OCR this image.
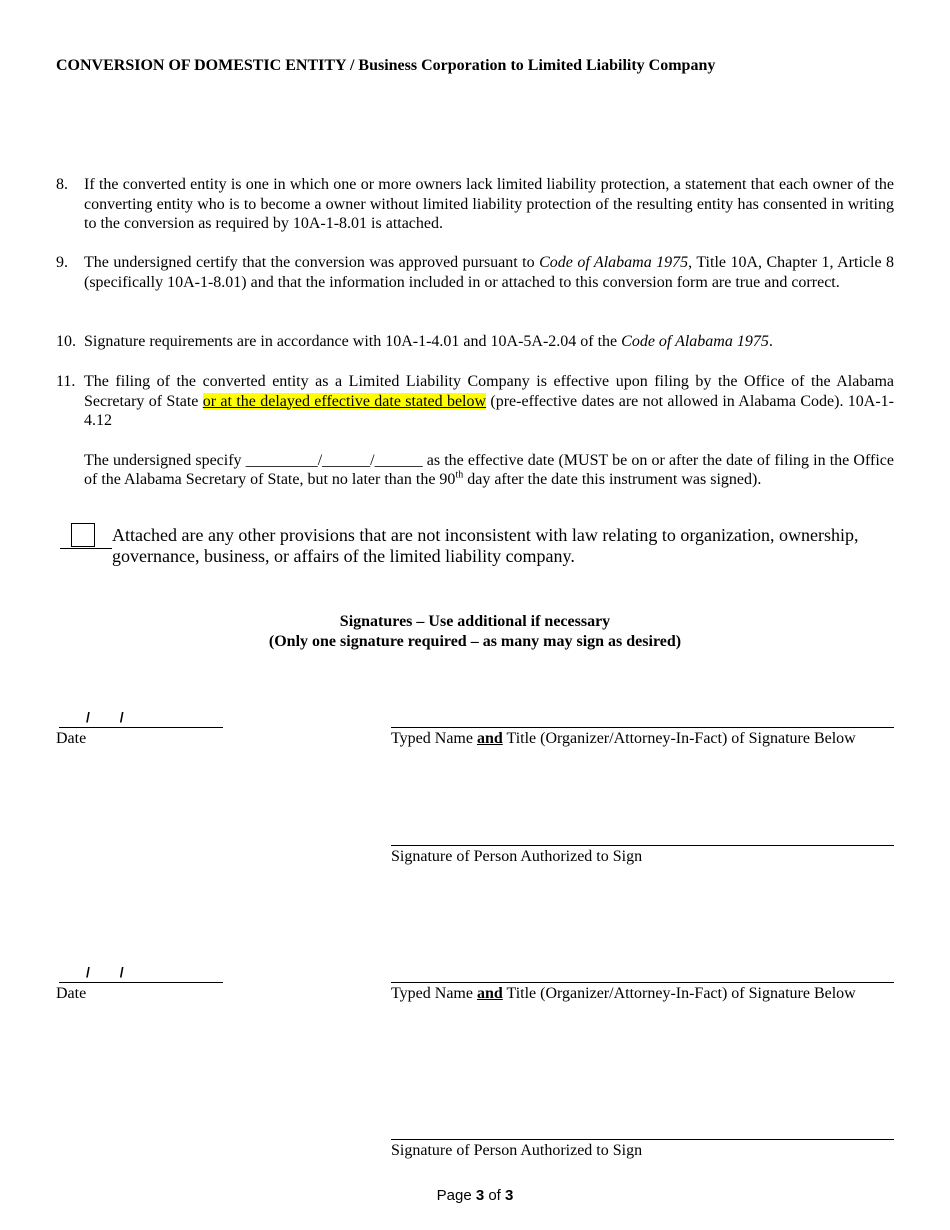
CONVERSION OF DOMESTIC ENTITY / Business Corporation to Limited Liability Company
8. If the converted entity is one in which one or more owners lack limited liability protection, a statement that each owner of the converting entity who is to become a owner without limited liability protection of the resulting entity has consented in writing to the conversion as required by 10A-1-8.01 is attached.
9. The undersigned certify that the conversion was approved pursuant to Code of Alabama 1975, Title 10A, Chapter 1, Article 8 (specifically 10A-1-8.01) and that the information included in or attached to this conversion form are true and correct.
10. Signature requirements are in accordance with 10A-1-4.01 and 10A-5A-2.04 of the Code of Alabama 1975.
11. The filing of the converted entity as a Limited Liability Company is effective upon filing by the Office of the Alabama Secretary of State or at the delayed effective date stated below (pre-effective dates are not allowed in Alabama Code). 10A-1-4.12
The undersigned specify _________/______/______ as the effective date (MUST be on or after the date of filing in the Office of the Alabama Secretary of State, but no later than the 90th day after the date this instrument was signed).
Attached are any other provisions that are not inconsistent with law relating to organization, ownership, governance, business, or affairs of the limited liability company.
Signatures – Use additional if necessary
(Only one signature required – as many may sign as desired)
/ /
Date	Typed Name and Title (Organizer/Attorney-In-Fact) of Signature Below
Signature of Person Authorized to Sign
/ /
Date	Typed Name and Title (Organizer/Attorney-In-Fact) of Signature Below
Signature of Person Authorized to Sign
Page 3 of 3
